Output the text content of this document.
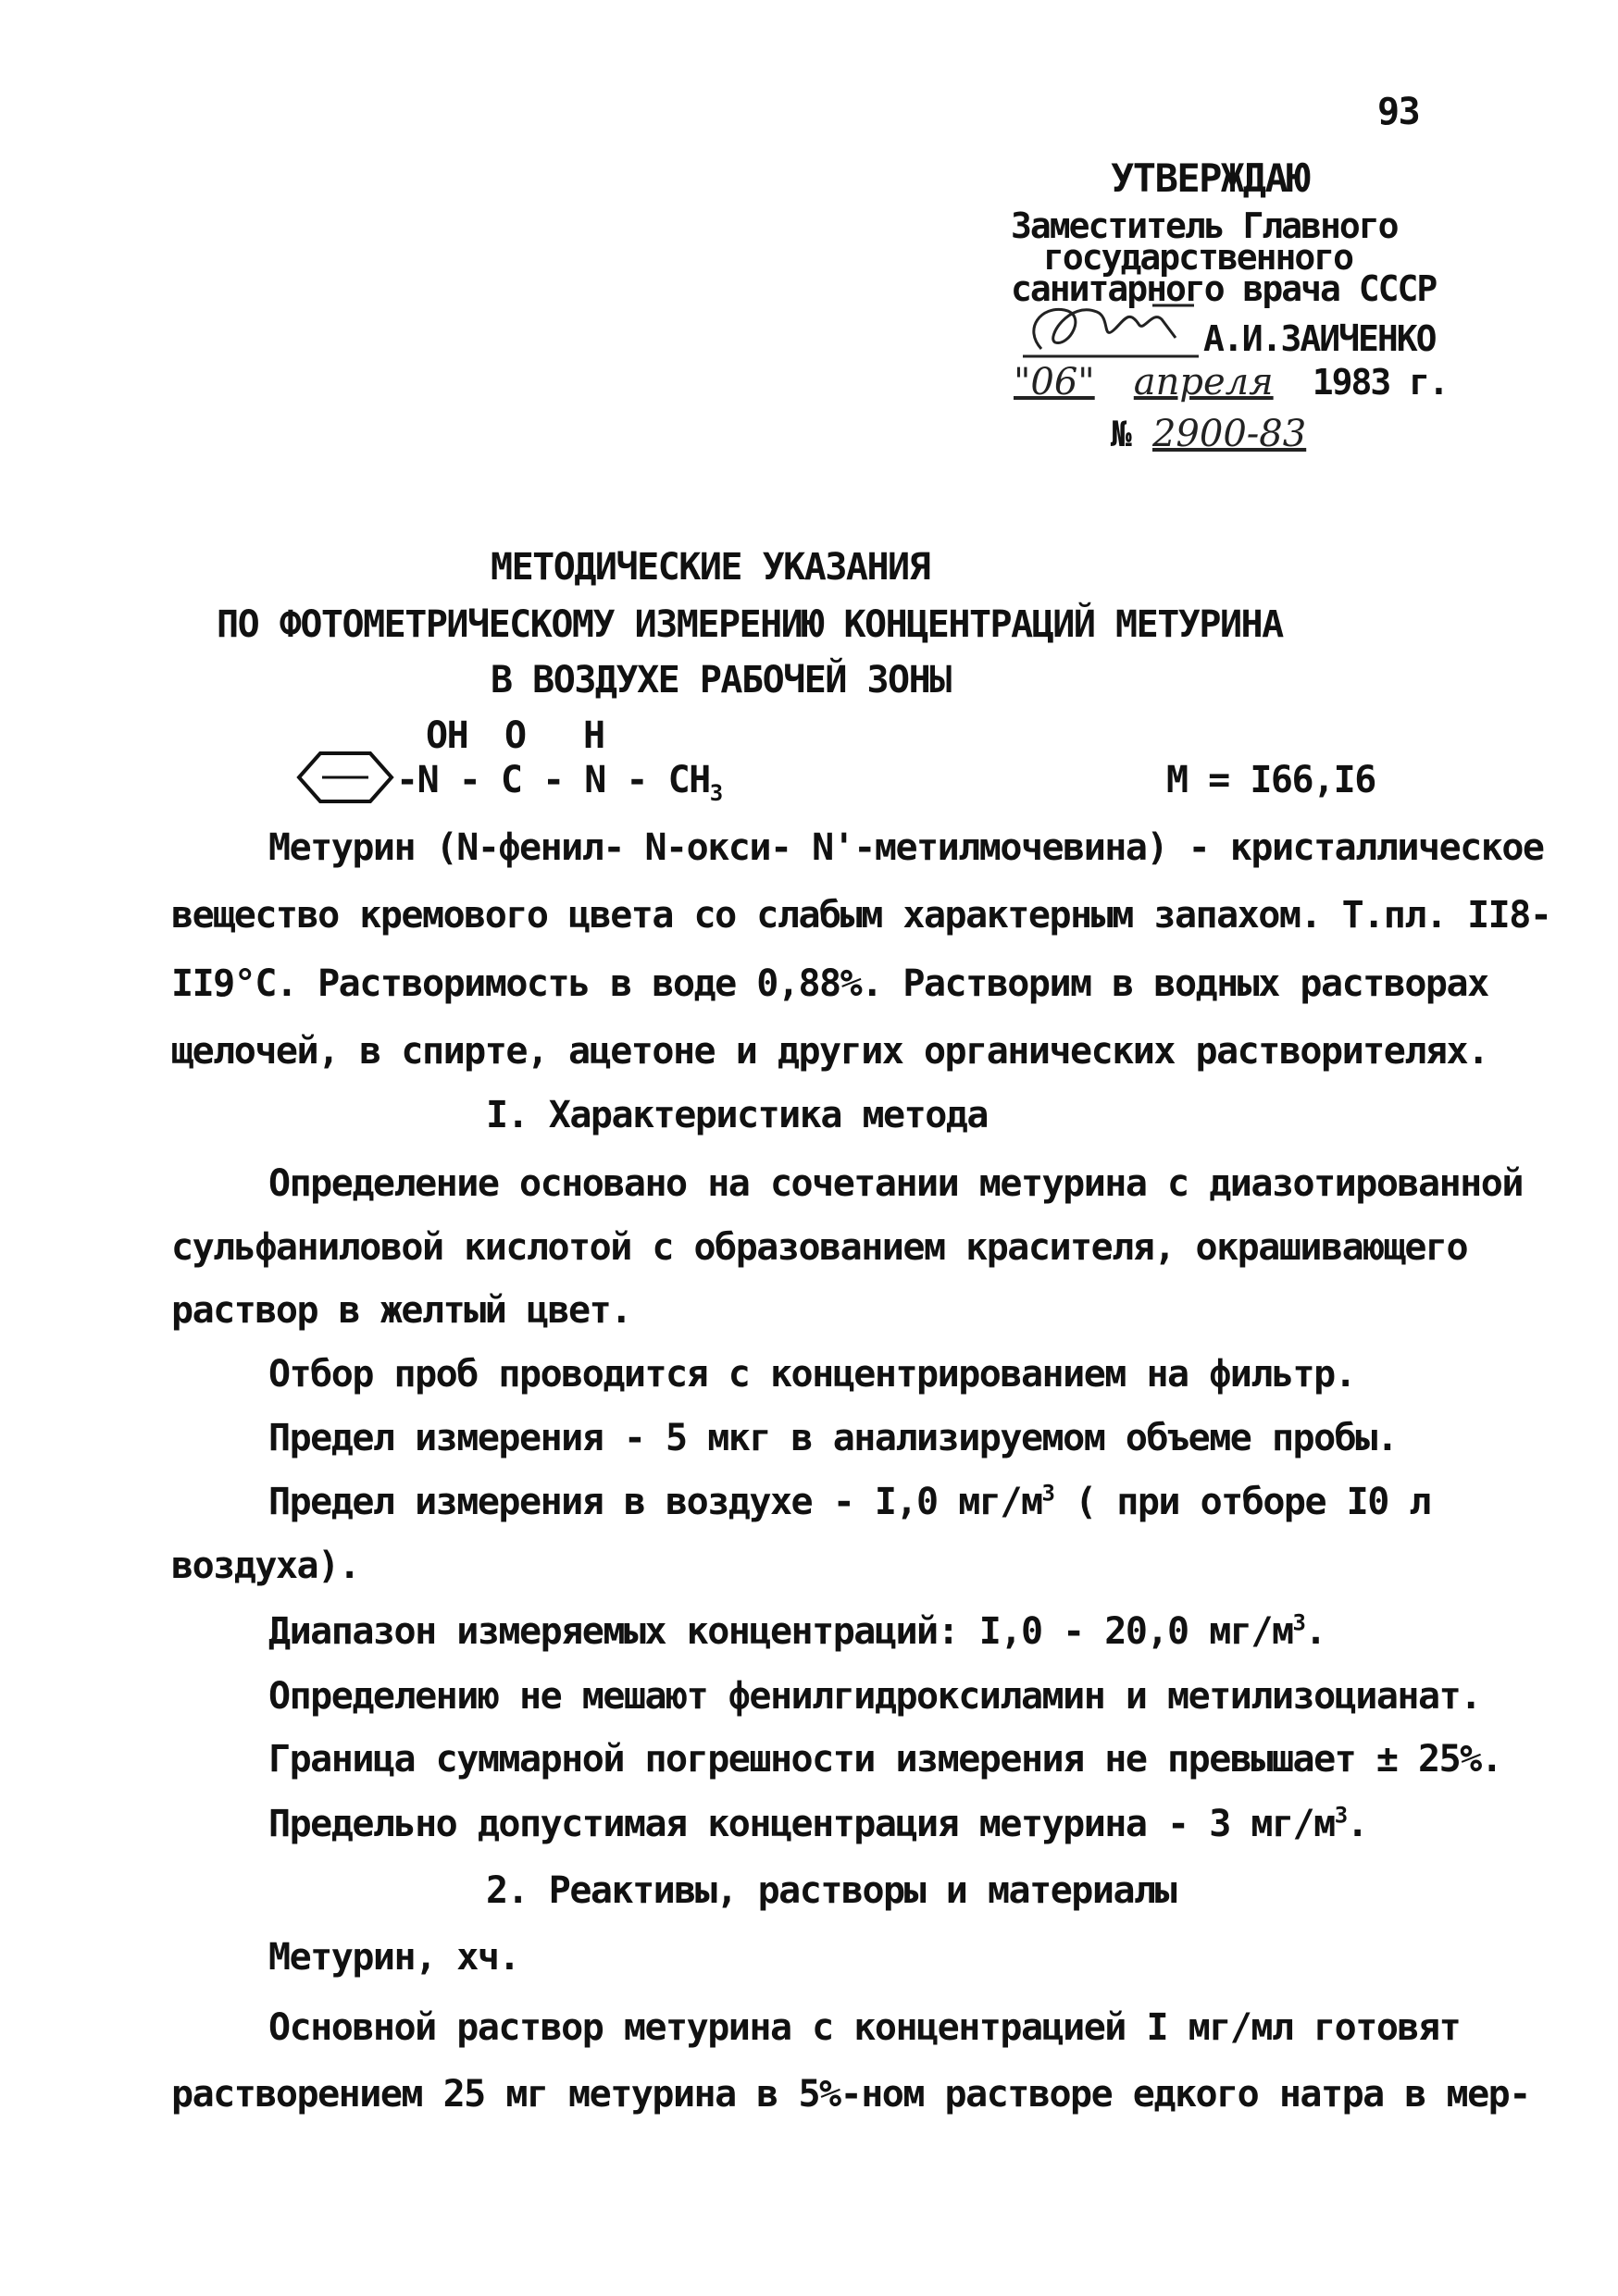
93
УТВЕРЖДАЮ
Заместитель Главного
государственного
санитарного врача СССР
А.И.ЗАИЧЕНКО
"06" апреля 1983 г.
№ 2900-83
МЕТОДИЧЕСКИЕ УКАЗАНИЯ
ПО ФОТОМЕТРИЧЕСКОМУ ИЗМЕРЕНИЮ КОНЦЕНТРАЦИЙ МЕТУРИНА
В ВОЗДУХЕ РАБОЧЕЙ ЗОНЫ
OH O H
-N - C - N - $CH_3$	M = I66,I6
Метурин (N-фенил- N-окси- N'-метилмочевина) - кристаллическое
вещество кремового цвета со слабым характерным запахом. Т.пл. II8-
II9°С. Растворимость в воде 0,88%. Растворим в водных растворах
щелочей, в спирте, ацетоне и других органических растворителях.
I. Характеристика метода
Определение основано на сочетании метурина с диазотированной
сульфаниловой кислотой с образованием красителя, окрашивающего
раствор в желтый цвет.
Отбор проб проводится с концентрированием на фильтр.
Предел измерения - 5 мкг в анализируемом объеме пробы.
Предел измерения в воздухе - I,0 $мг/м^3$ ( при отборе I0 л
воздуха).
Диапазон измеряемых концентраций: I,0 - 20,0 $мг/м^3$.
Определению не мешают фенилгидроксиламин и метилизоцианат.
Граница суммарной погрешности измерения не превышает ± 25%.
Предельно допустимая концентрация метурина - 3 $мг/м^3$.
2. Реактивы, растворы и материалы
Метурин, хч.
Основной раствор метурина с концентрацией I мг/мл готовят
растворением 25 мг метурина в 5%-ном растворе едкого натра в мер-
